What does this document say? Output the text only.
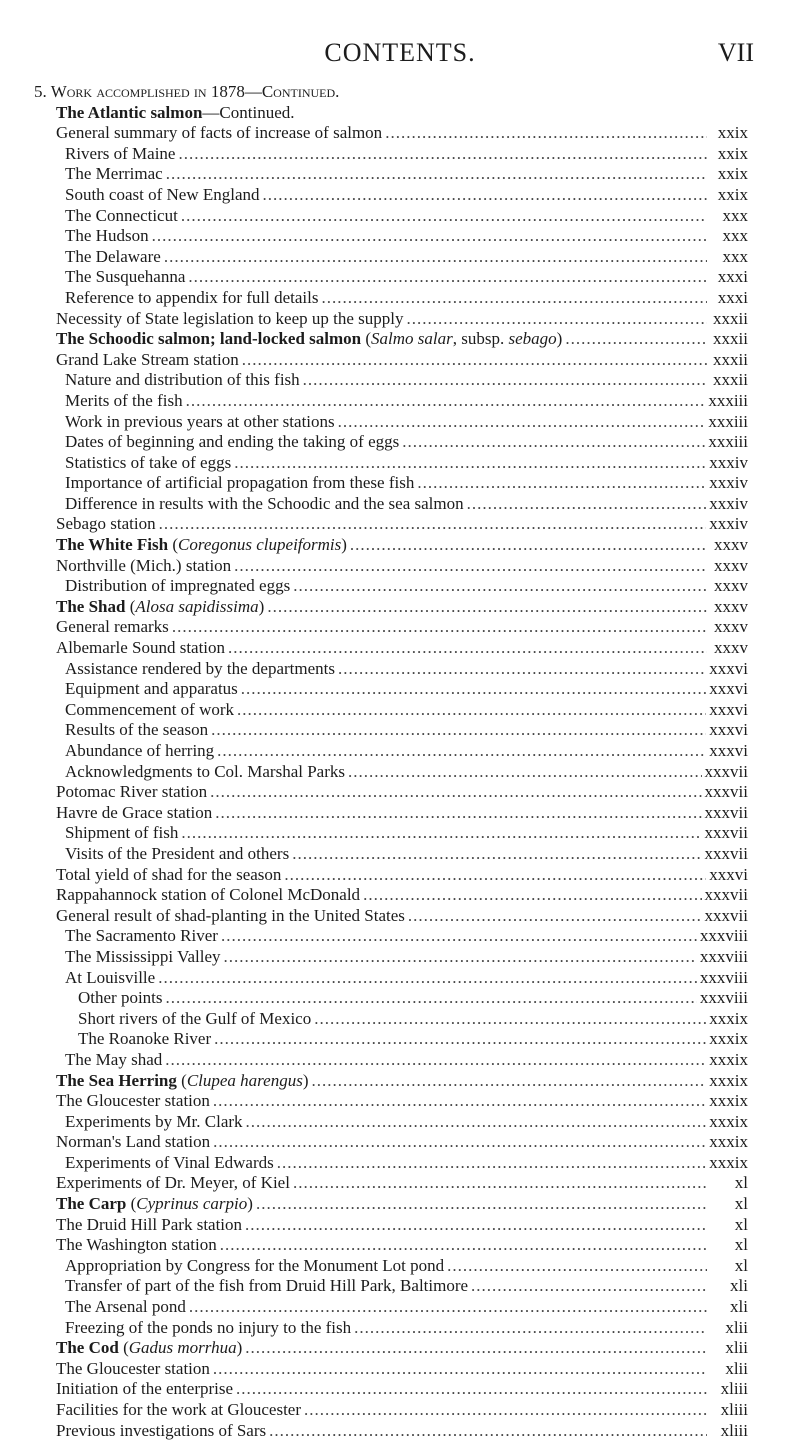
CONTENTS.	VII
5. Work accomplished in 1878—Continued.
The Atlantic salmon—Continued.
General summary of facts of increase of salmon .....	xxix
Rivers of Maine .....	xxix
The Merrimac .....	xxix
South coast of New England .....	xxix
The Connecticut .....	xxx
The Hudson .....	xxx
The Delaware .....	xxx
The Susquehanna .....	xxxi
Reference to appendix for full details .....	xxxi
Necessity of State legislation to keep up the supply .....	xxxii
The Schoodic salmon; land-locked salmon (Salmo salar, subsp. sebago) .....	xxxii
Grand Lake Stream station .....	xxxii
Nature and distribution of this fish .....	xxxii
Merits of the fish .....	xxxiii
Work in previous years at other stations .....	xxxiii
Dates of beginning and ending the taking of eggs .....	xxxiii
Statistics of take of eggs .....	xxxiv
Importance of artificial propagation from these fish .....	xxxiv
Difference in results with the Schoodic and the sea salmon .....	xxxiv
Sebago station .....	xxxiv
The White Fish (Coregonus clupeiformis) .....	xxxv
Northville (Mich.) station .....	xxxv
Distribution of impregnated eggs .....	xxxv
The Shad (Alosa sapidissima) .....	xxxv
General remarks .....	xxxv
Albemarle Sound station .....	xxxv
Assistance rendered by the departments .....	xxxvi
Equipment and apparatus .....	xxxvi
Commencement of work .....	xxxvi
Results of the season .....	xxxvi
Abundance of herring .....	xxxvi
Acknowledgments to Col. Marshal Parks .....	xxxvii
Potomac River station .....	xxxvii
Havre de Grace station .....	xxxvii
Shipment of fish .....	xxxvii
Visits of the President and others .....	xxxvii
Total yield of shad for the season .....	xxxvi
Rappahannock station of Colonel McDonald .....	xxxvii
General result of shad-planting in the United States .....	xxxvii
The Sacramento River .....	xxxviii
The Mississippi Valley .....	xxxviii
At Louisville .....	xxxviii
Other points .....	xxxviii
Short rivers of the Gulf of Mexico .....	xxxix
The Roanoke River .....	xxxix
The May shad .....	xxxix
The Sea Herring (Clupea harengus) .....	xxxix
The Gloucester station .....	xxxix
Experiments by Mr. Clark .....	xxxix
Norman's Land station .....	xxxix
Experiments of Vinal Edwards .....	xxxix
Experiments of Dr. Meyer, of Kiel .....	xl
The Carp (Cyprinus carpio) .....	xl
The Druid Hill Park station .....	xl
The Washington station .....	xl
Appropriation by Congress for the Monument Lot pond .....	xl
Transfer of part of the fish from Druid Hill Park, Baltimore .....	xli
The Arsenal pond .....	xli
Freezing of the ponds no injury to the fish .....	xlii
The Cod (Gadus morrhua) .....	xlii
The Gloucester station .....	xlii
Initiation of the enterprise .....	xliii
Facilities for the work at Gloucester .....	xliii
Previous investigations of Sars .....	xliii
